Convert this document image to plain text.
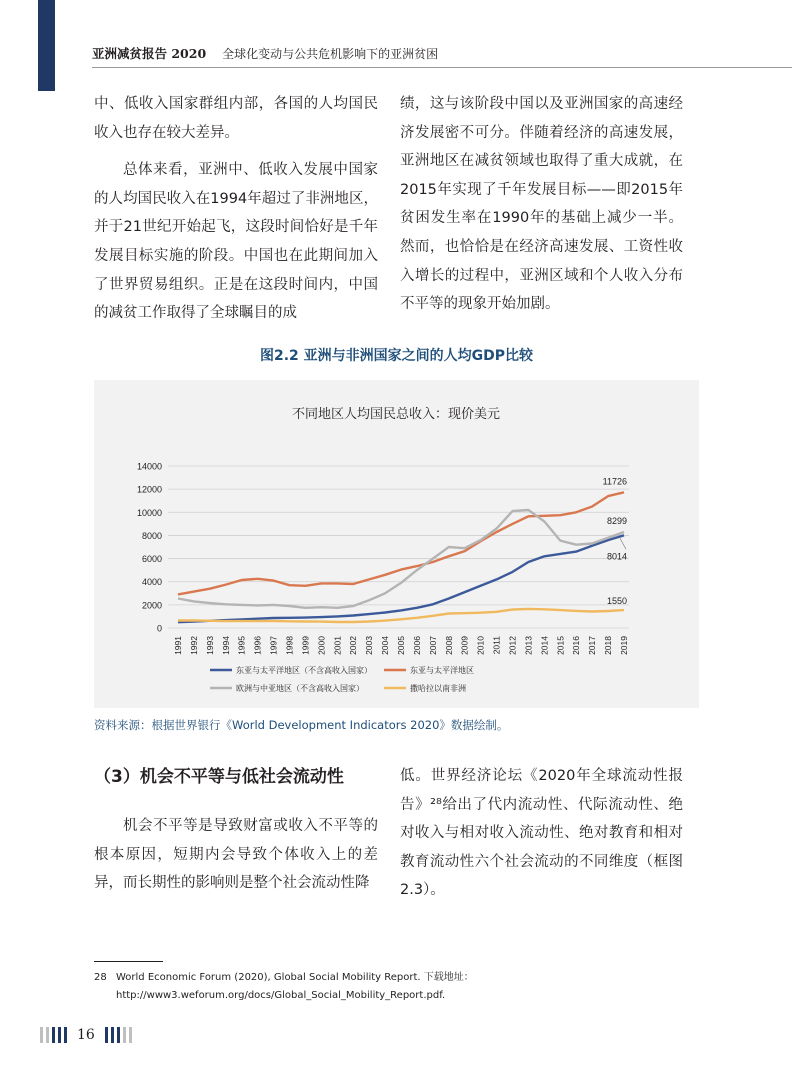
亚洲减贫报告 2020 全球化变动与公共危机影响下的亚洲贫困

中、低收入国家群组内部，各国的人均国民收入也存在较大差异。

总体来看，亚洲中、低收入发展中国家的人均国民收入在1994年超过了非洲地区，并于21世纪开始起飞，这段时间恰好是千年发展目标实施的阶段。中国也在此期间加入了世界贸易组织。正是在这段时间内，中国的减贫工作取得了全球瞩目的成

绩，这与该阶段中国以及亚洲国家的高速经济发展密不可分。伴随着经济的高速发展，亚洲地区在减贫领域也取得了重大成就，在2015年实现了千年发展目标——即2015年贫困发生率在1990年的基础上减少一半。然而，也恰恰是在经济高速发展、工资性收入增长的过程中，亚洲区域和个人收入分布不平等的现象开始加剧。

图2.2 亚洲与非洲国家之间的人均GDP比较
不同地区人均国民总收入：现价美元
0
2000
4000
6000
8000
10000
12000
14000
1991 1992 1993 1994 1995 1996 1997 1998 1999 2000 2001 2002 2003 2004 2005 2006 2007 2008 2009 2010 2011 2012 2013 2014 2015 2016 2017 2018 2019
11726
8299
8014
1550
东亚与太平洋地区（不含高收入国家）	东亚与太平洋地区
欧洲与中亚地区（不含高收入国家）	撒哈拉以南非洲
资料来源：根据世界银行《World Development Indicators 2020》数据绘制。
（3）机会不平等与低社会流动性

机会不平等是导致财富或收入不平等的根本原因，短期内会导致个体收入上的差异，而长期性的影响则是整个社会流动性降

低。世界经济论坛《2020年全球流动性报告》²⁸给出了代内流动性、代际流动性、绝对收入与相对收入流动性、绝对教育和相对教育流动性六个社会流动的不同维度（框图2.3）。

28 World Economic Forum (2020), Global Social Mobility Report. 下载地址：http://www3.weforum.org/docs/Global_Social_Mobility_Report.pdf.
16
